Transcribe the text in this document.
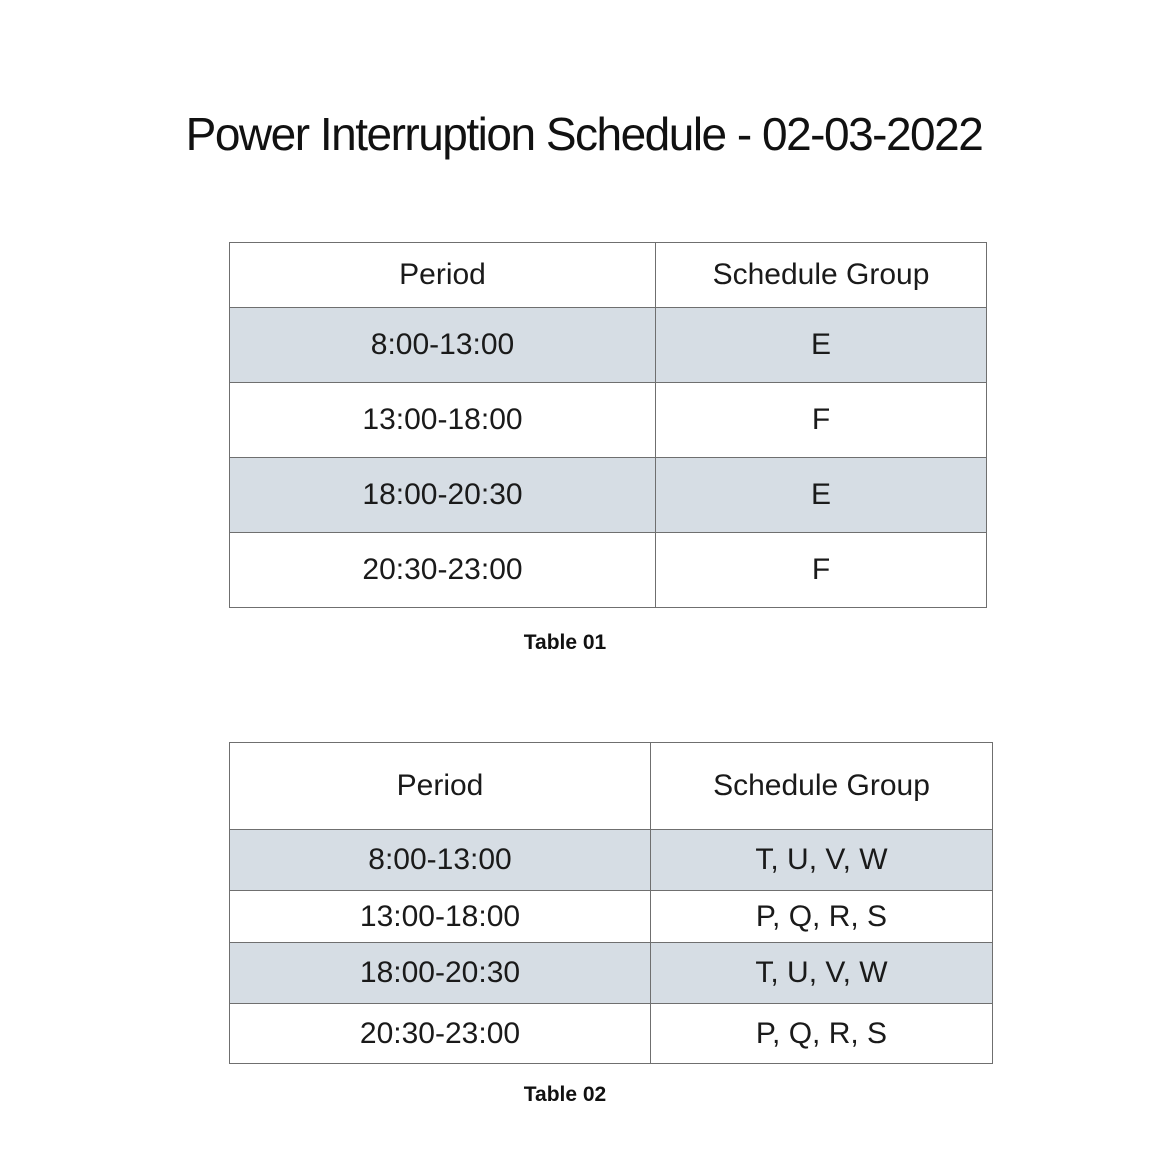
Power Interruption Schedule - 02-03-2022
Period	Schedule Group
8:00-13:00	E
13:00-18:00	F
18:00-20:30	E
20:30-23:00	F
Table 01
Period	Schedule Group
8:00-13:00	T, U, V, W
13:00-18:00	P, Q, R, S
18:00-20:30	T, U, V, W
20:30-23:00	P, Q, R, S
Table 02
